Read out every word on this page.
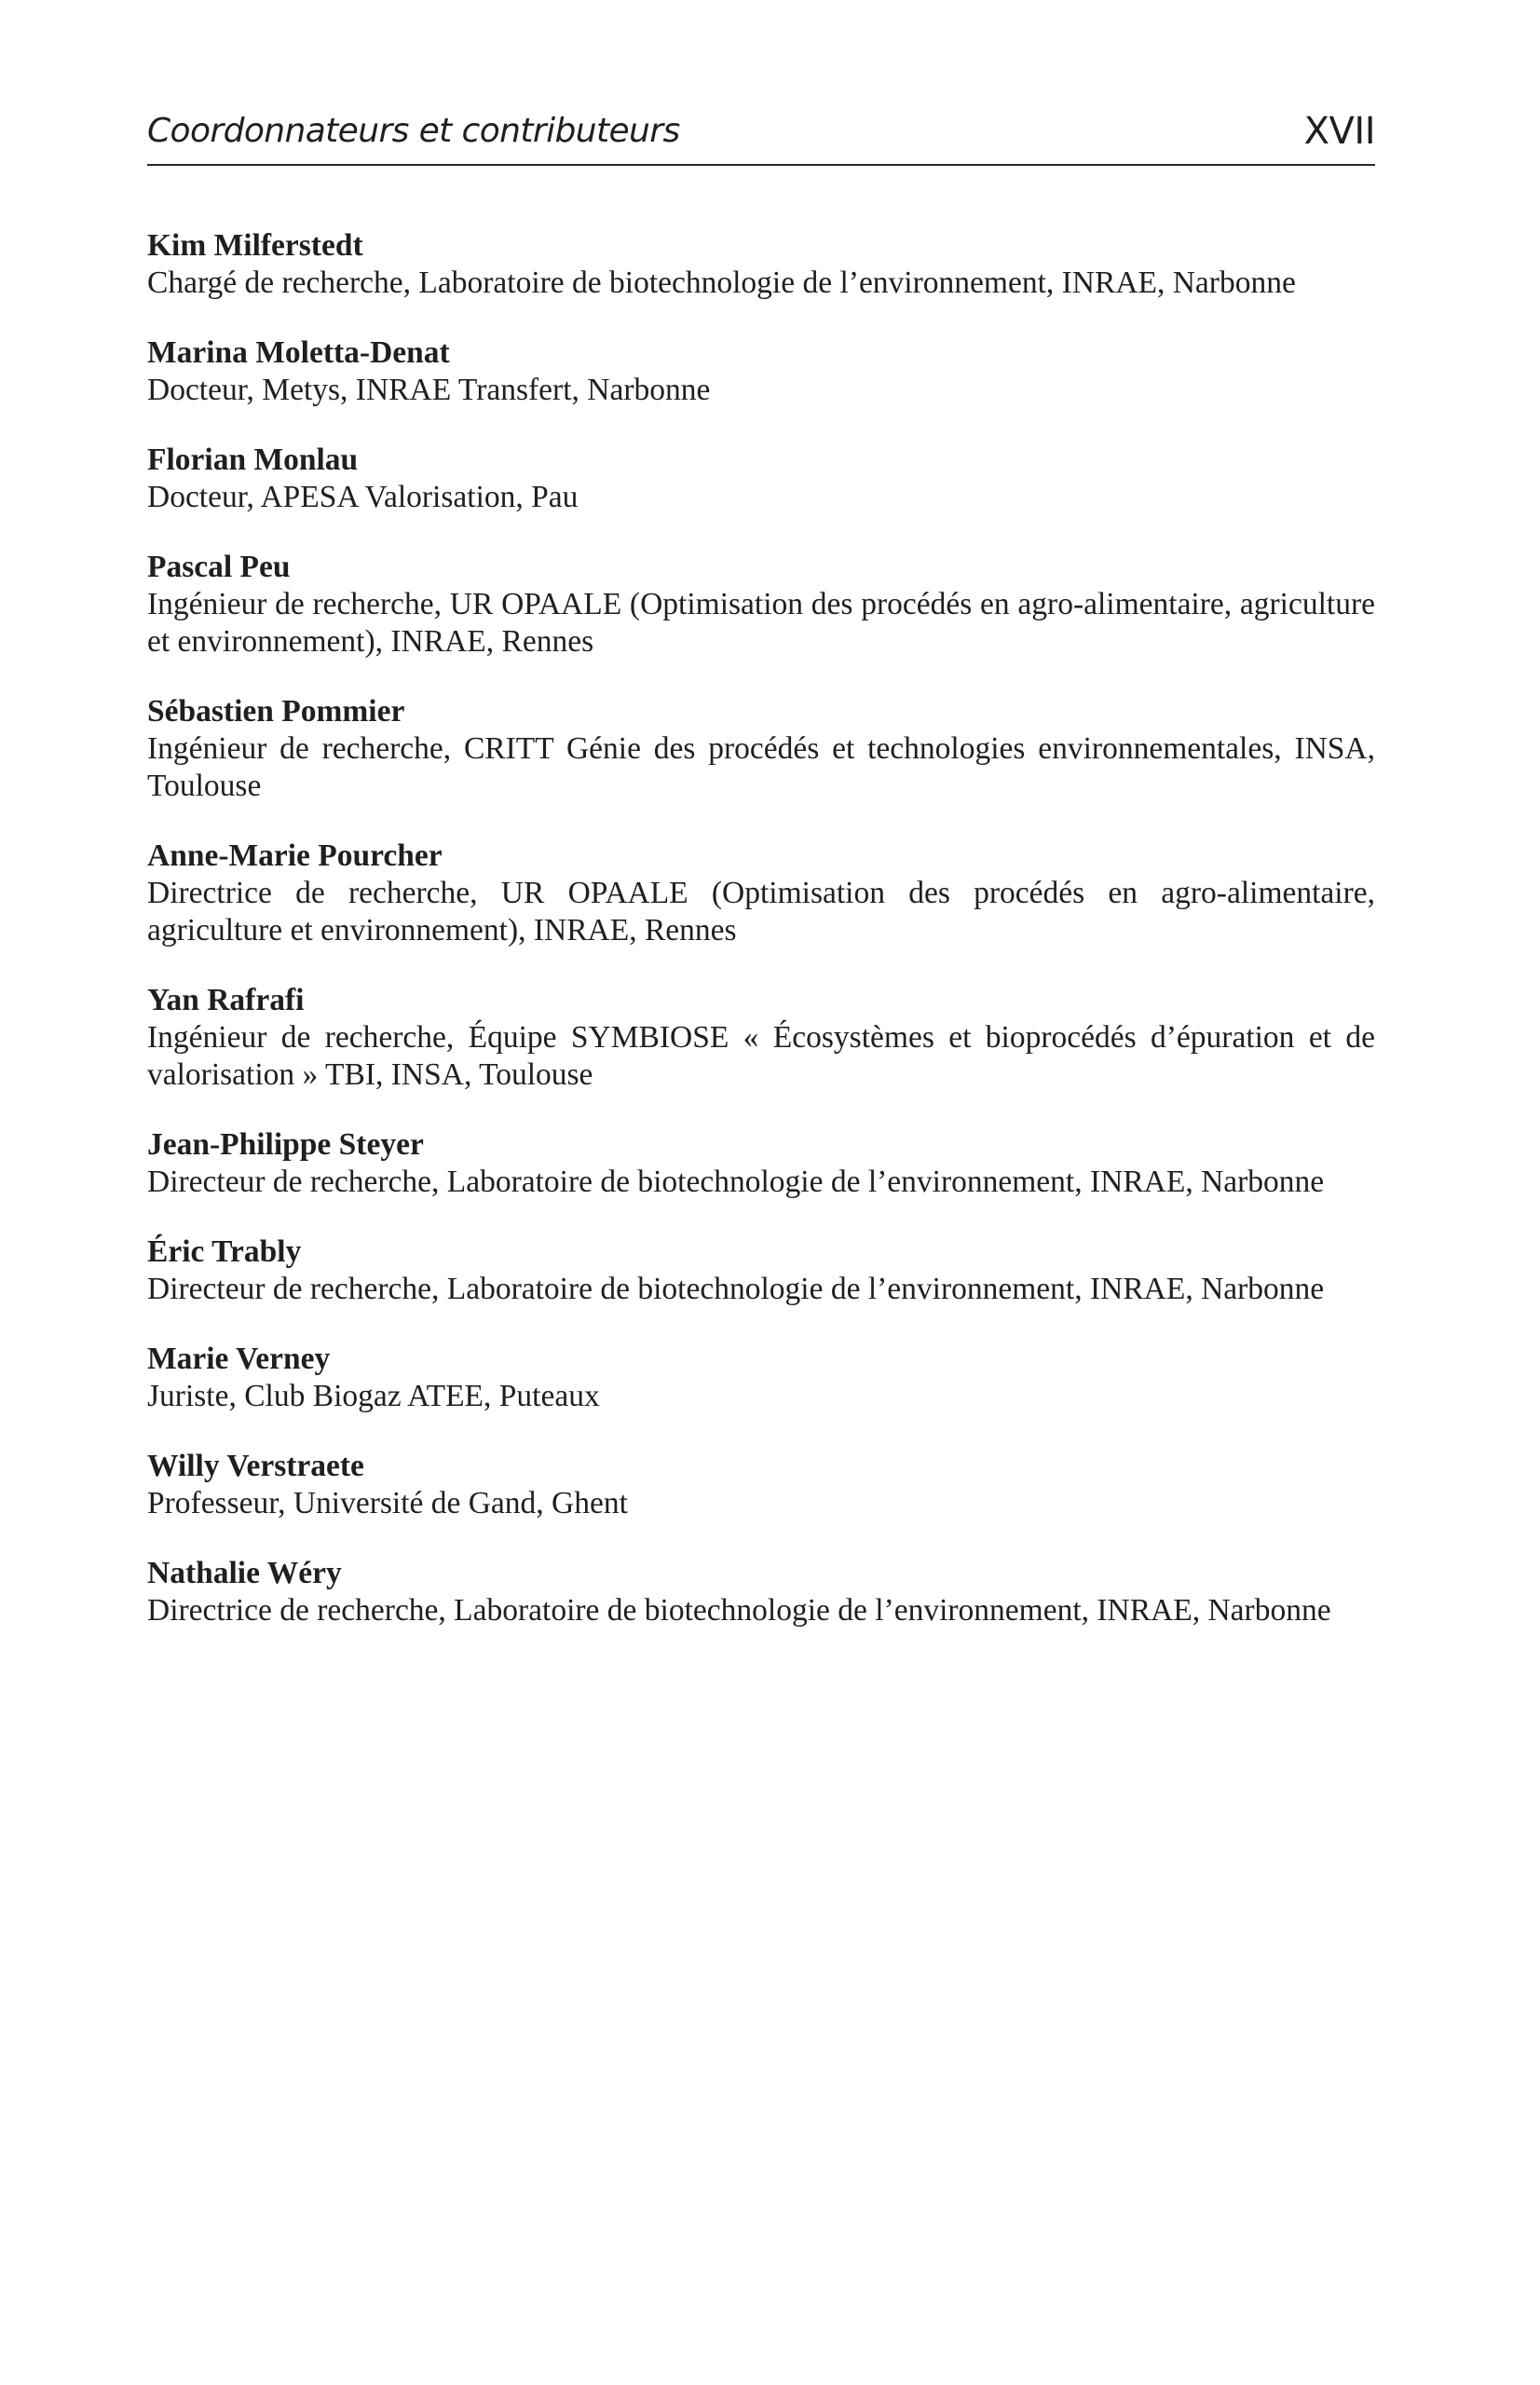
Coordonnateurs et contributeurs	XVII
Kim Milferstedt
Chargé de recherche, Laboratoire de biotechnologie de l’environnement, INRAE, Narbonne
Marina Moletta-Denat
Docteur, Metys, INRAE Transfert, Narbonne
Florian Monlau
Docteur, APESA Valorisation, Pau
Pascal Peu
Ingénieur de recherche, UR OPAALE (Optimisation des procédés en agro-alimentaire, agriculture et environnement), INRAE, Rennes
Sébastien Pommier
Ingénieur de recherche, CRITT Génie des procédés et technologies environnementales, INSA, Toulouse
Anne-Marie Pourcher
Directrice de recherche, UR OPAALE (Optimisation des procédés en agro-alimentaire, agriculture et environnement), INRAE, Rennes
Yan Rafrafi
Ingénieur de recherche, Équipe SYMBIOSE « Écosystèmes et bioprocédés d’épuration et de valorisation » TBI, INSA, Toulouse
Jean-Philippe Steyer
Directeur de recherche, Laboratoire de biotechnologie de l’environnement, INRAE, Narbonne
Éric Trably
Directeur de recherche, Laboratoire de biotechnologie de l’environnement, INRAE, Narbonne
Marie Verney
Juriste, Club Biogaz ATEE, Puteaux
Willy Verstraete
Professeur, Université de Gand, Ghent
Nathalie Wéry
Directrice de recherche, Laboratoire de biotechnologie de l’environnement, INRAE, Narbonne
